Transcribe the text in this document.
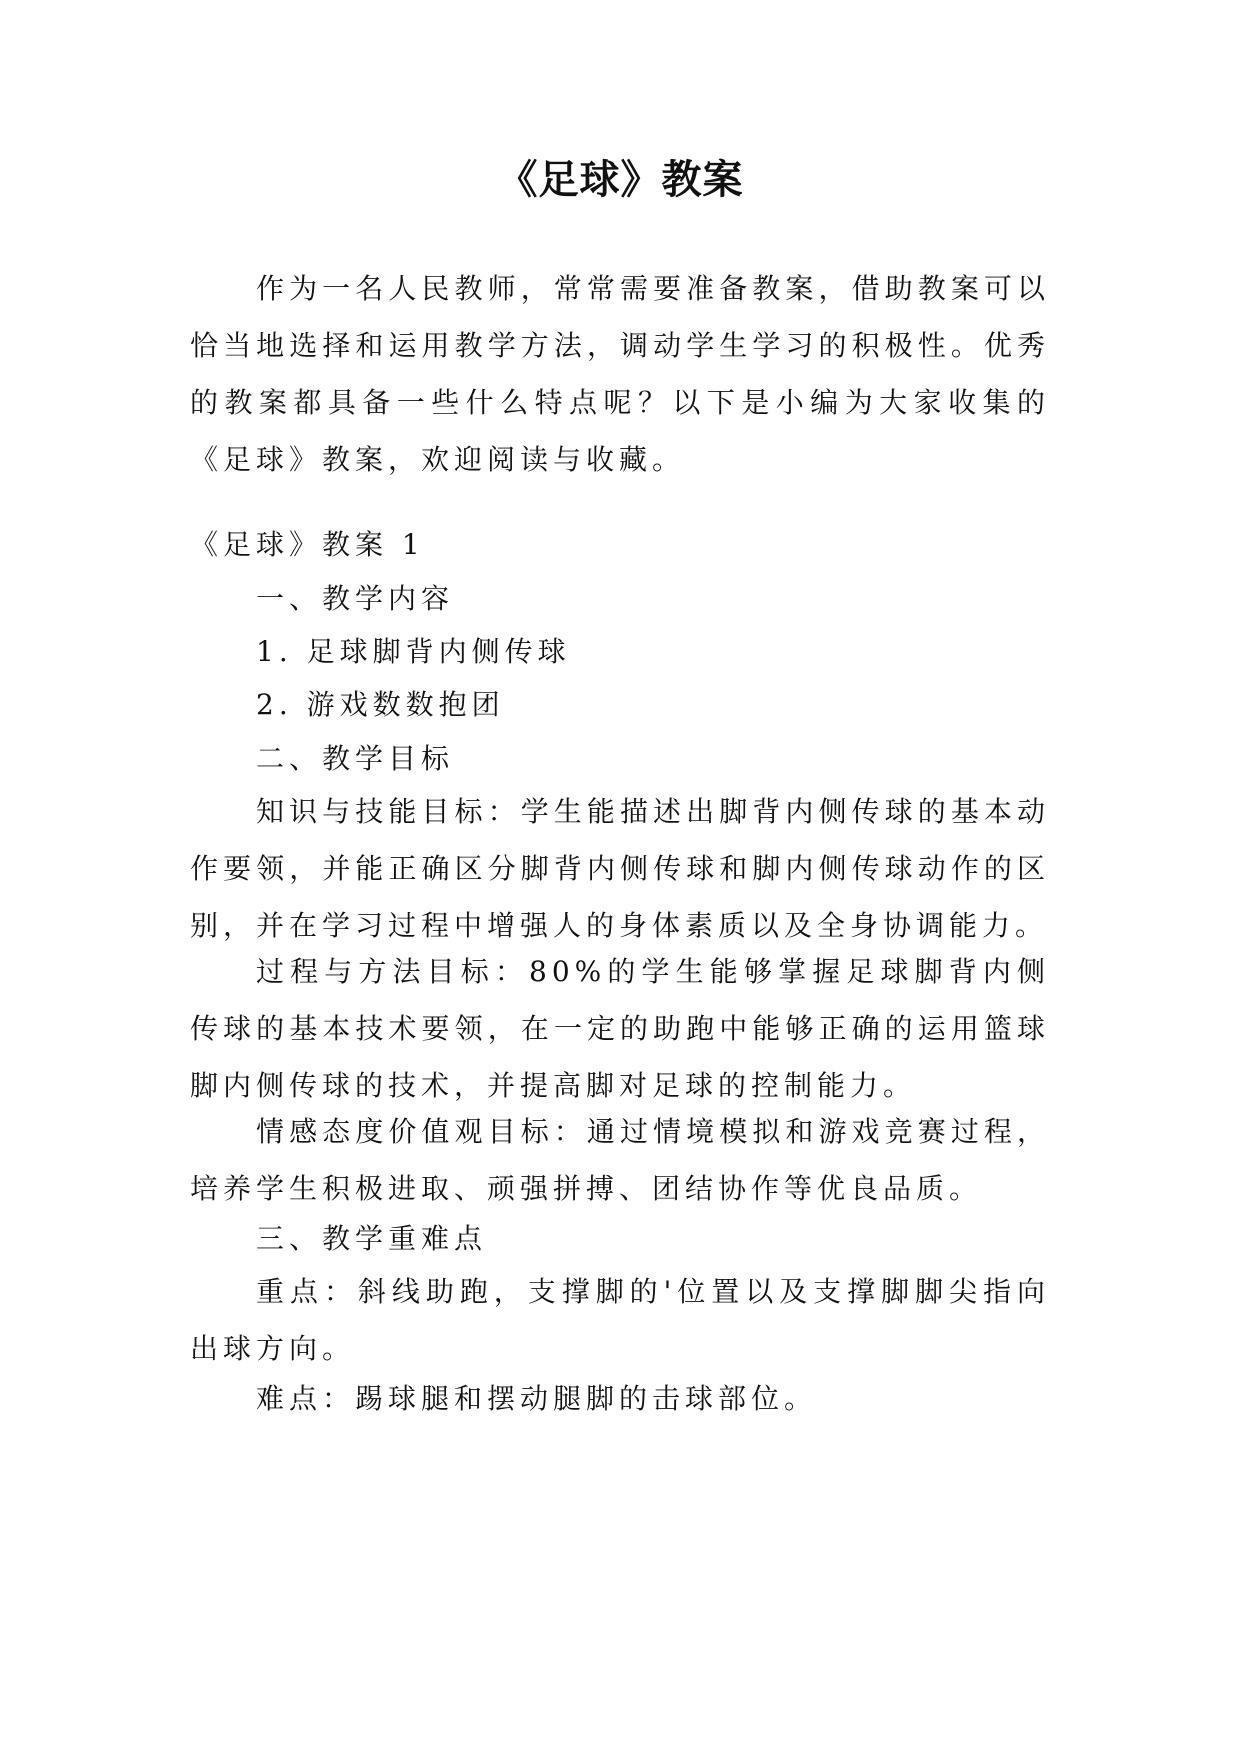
《足球》教案

作为一名人民教师，常常需要准备教案，借助教案可以恰当地选择和运用教学方法，调动学生学习的积极性。优秀的教案都具备一些什么特点呢？以下是小编为大家收集的《足球》教案，欢迎阅读与收藏。

《足球》教案 1
一、教学内容
1. 足球脚背内侧传球
2. 游戏数数抱团
二、教学目标

知识与技能目标：学生能描述出脚背内侧传球的基本动作要领，并能正确区分脚背内侧传球和脚内侧传球动作的区别，并在学习过程中增强人的身体素质以及全身协调能力。

过程与方法目标：80%的学生能够掌握足球脚背内侧传球的基本技术要领，在一定的助跑中能够正确的运用篮球脚内侧传球的技术，并提高脚对足球的控制能力。

情感态度价值观目标：通过情境模拟和游戏竞赛过程，培养学生积极进取、顽强拼搏、团结协作等优良品质。

三、教学重难点

重点：斜线助跑，支撑脚的'位置以及支撑脚脚尖指向出球方向。

难点：踢球腿和摆动腿脚的击球部位。
